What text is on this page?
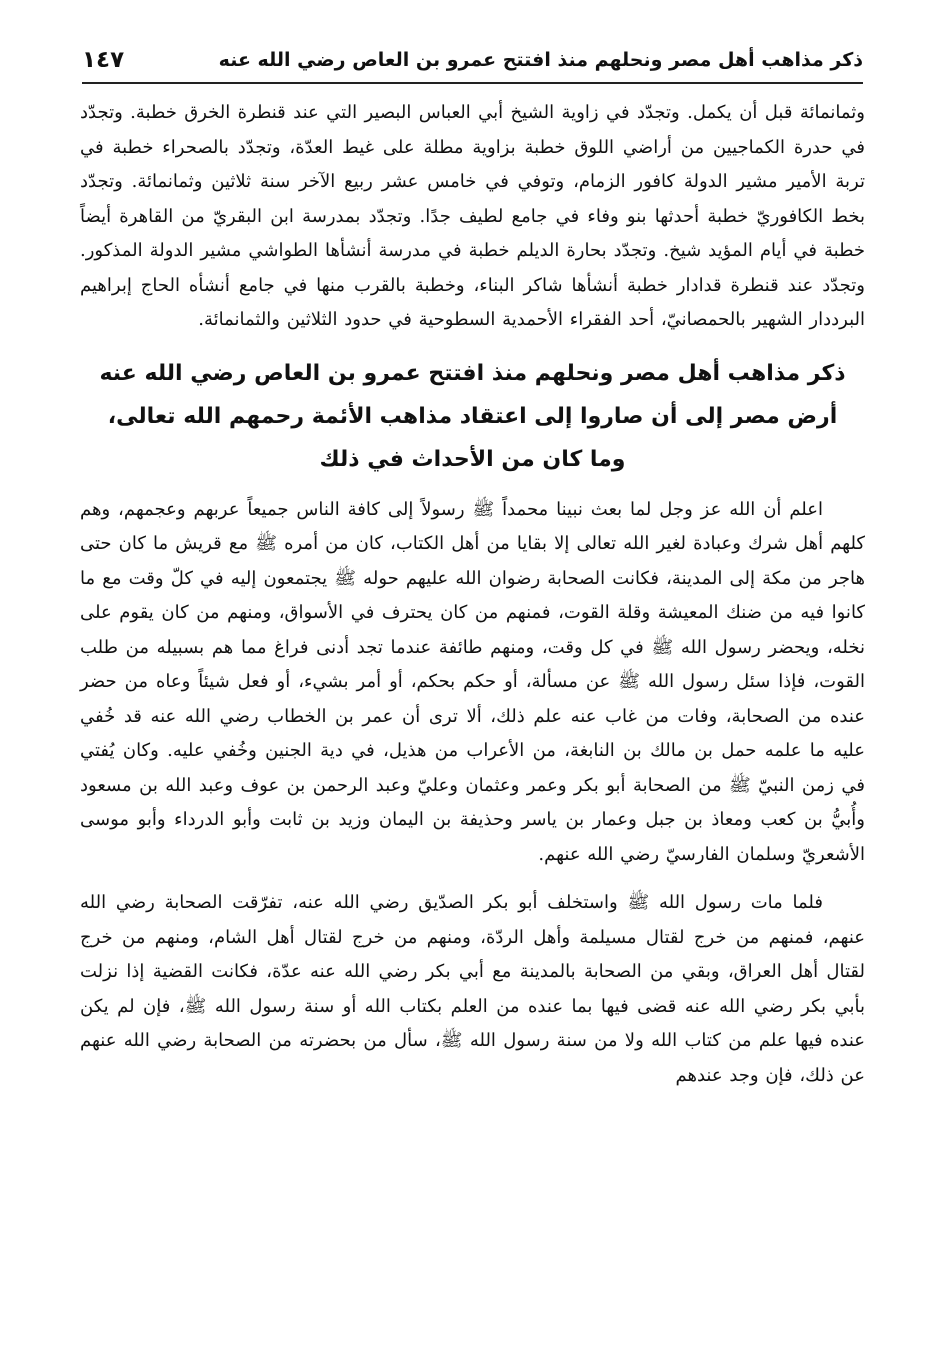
ذكر مذاهب أهل مصر ونحلهم منذ افتتح عمرو بن العاص رضي الله عنه
١٤٧

وثمانمائة قبل أن يكمل. وتجدّد في زاوية الشيخ أبي العباس البصير التي عند قنطرة الخرق خطبة. وتجدّد في حدرة الكماجيين من أراضي اللوق خطبة بزاوية مطلة على غيط العدّة، وتجدّد بالصحراء خطبة في تربة الأمير مشير الدولة كافور الزمام، وتوفي في خامس عشر ربيع الآخر سنة ثلاثين وثمانمائة. وتجدّد بخط الكافوريّ خطبة أحدثها بنو وفاء في جامع لطيف جدًا. وتجدّد بمدرسة ابن البقريّ من القاهرة أيضاً خطبة في أيام المؤيد شيخ. وتجدّد بحارة الديلم خطبة في مدرسة أنشأها الطواشي مشير الدولة المذكور. وتجدّد عند قنطرة قدادار خطبة أنشأها شاكر البناء، وخطبة بالقرب منها في جامع أنشأه الحاج إبراهيم البرددار الشهير بالحمصانيّ، أحد الفقراء الأحمدية السطوحية في حدود الثلاثين والثمانمائة.

ذكر مذاهب أهل مصر ونحلهم منذ افتتح عمرو بن العاص رضي الله عنه
أرض مصر إلى أن صاروا إلى اعتقاد مذاهب الأئمة رحمهم الله تعالى،
وما كان من الأحداث في ذلك

اعلم أن الله عز وجل لما بعث نبينا محمداً ﷺ رسولاً إلى كافة الناس جميعاً عربهم وعجمهم، وهم كلهم أهل شرك وعبادة لغير الله تعالى إلا بقايا من أهل الكتاب، كان من أمره ﷺ مع قريش ما كان حتى هاجر من مكة إلى المدينة، فكانت الصحابة رضوان الله عليهم حوله ﷺ يجتمعون إليه في كلّ وقت مع ما كانوا فيه من ضنك المعيشة وقلة القوت، فمنهم من كان يحترف في الأسواق، ومنهم من كان يقوم على نخله، ويحضر رسول الله ﷺ في كل وقت، ومنهم طائفة عندما تجد أدنى فراغ مما هم بسبيله من طلب القوت، فإذا سئل رسول الله ﷺ عن مسألة، أو حكم بحكم، أو أمر بشيء، أو فعل شيئاً وعاه من حضر عنده من الصحابة، وفات من غاب عنه علم ذلك، ألا ترى أن عمر بن الخطاب رضي الله عنه قد خُفي عليه ما علمه حمل بن مالك بن النابغة، من الأعراب من هذيل، في دية الجنين وخُفي عليه. وكان يُفتي في زمن النبيّ ﷺ من الصحابة أبو بكر وعمر وعثمان وعليّ وعبد الرحمن بن عوف وعبد الله بن مسعود وأُبيُّ بن كعب ومعاذ بن جبل وعمار بن ياسر وحذيفة بن اليمان وزيد بن ثابت وأبو الدرداء وأبو موسى الأشعريّ وسلمان الفارسيّ رضي الله عنهم.

فلما مات رسول الله ﷺ واستخلف أبو بكر الصدّيق رضي الله عنه، تفرّقت الصحابة رضي الله عنهم، فمنهم من خرج لقتال مسيلمة وأهل الردّة، ومنهم من خرج لقتال أهل الشام، ومنهم من خرج لقتال أهل العراق، وبقي من الصحابة بالمدينة مع أبي بكر رضي الله عنه عدّة، فكانت القضية إذا نزلت بأبي بكر رضي الله عنه قضى فيها بما عنده من العلم بكتاب الله أو سنة رسول الله ﷺ، فإن لم يكن عنده فيها علم من كتاب الله ولا من سنة رسول الله ﷺ، سأل من بحضرته من الصحابة رضي الله عنهم عن ذلك، فإن وجد عندهم
